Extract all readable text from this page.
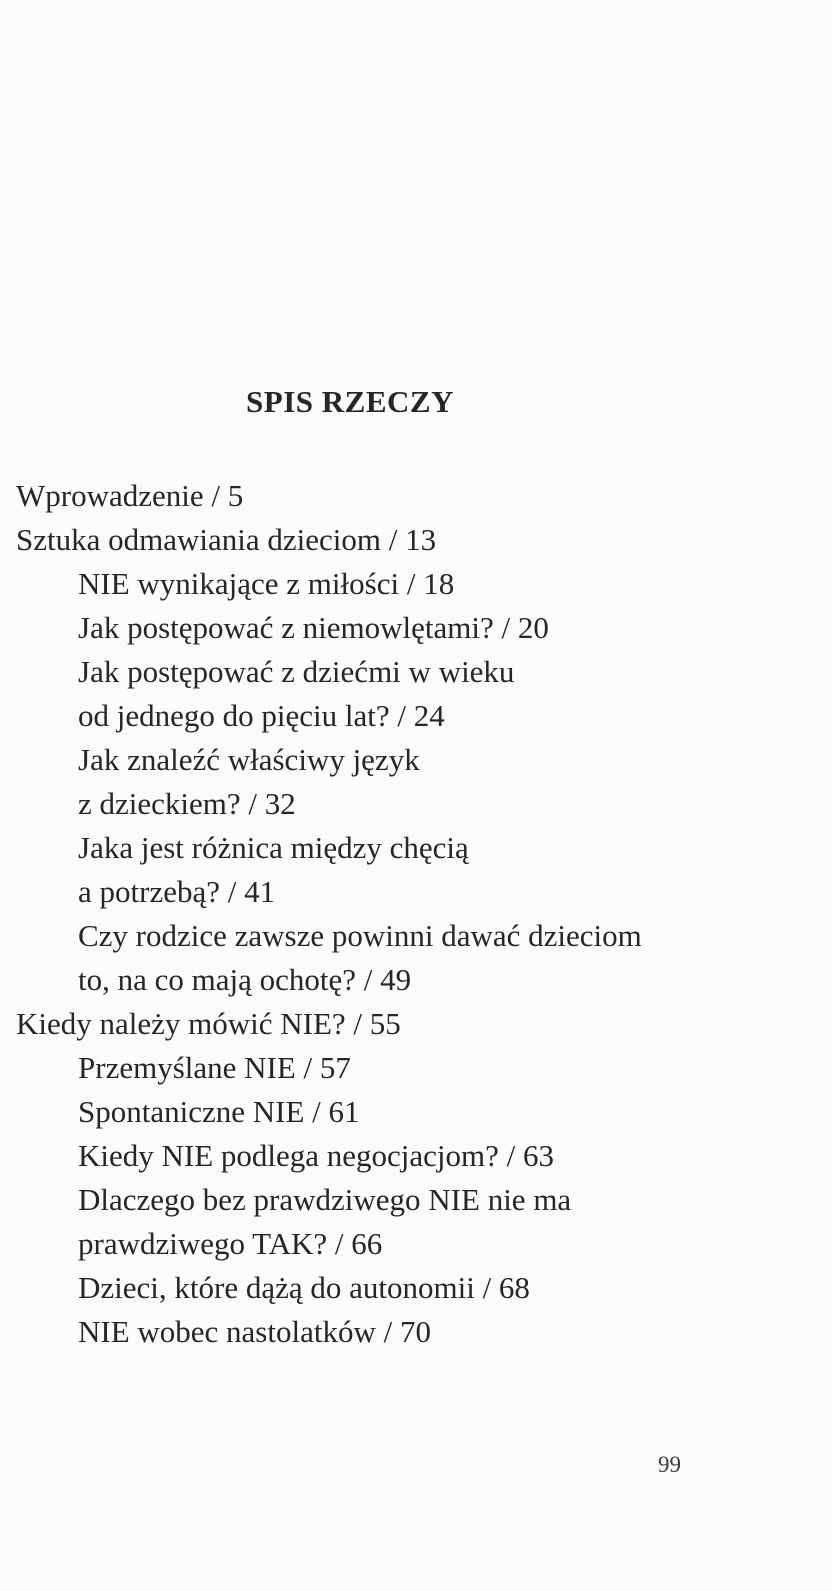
SPIS RZECZY
Wprowadzenie / 5
Sztuka odmawiania dzieciom / 13
NIE wynikające z miłości / 18
Jak postępować z niemowlętami? / 20
Jak postępować z dziećmi w wieku
od jednego do pięciu lat? / 24
Jak znaleźć właściwy język
z dzieckiem? / 32
Jaka jest różnica między chęcią
a potrzebą? / 41
Czy rodzice zawsze powinni dawać dzieciom
to, na co mają ochotę? / 49
Kiedy należy mówić NIE? / 55
Przemyślane NIE / 57
Spontaniczne NIE / 61
Kiedy NIE podlega negocjacjom? / 63
Dlaczego bez prawdziwego NIE nie ma
prawdziwego TAK? / 66
Dzieci, które dążą do autonomii / 68
NIE wobec nastolatków / 70
99
